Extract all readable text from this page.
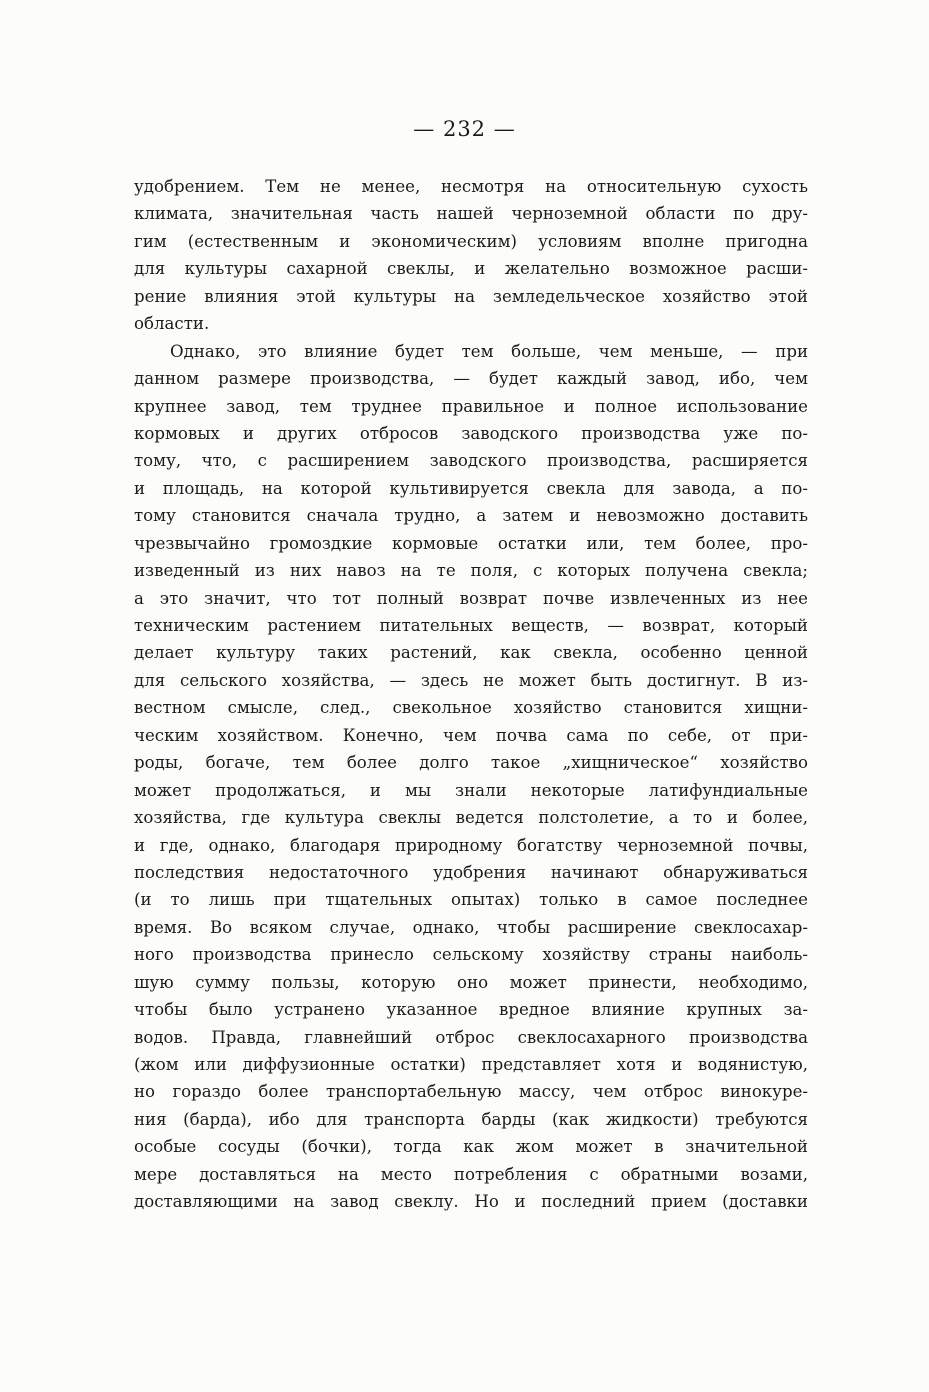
— 232 —
удобрением. Тем не менее, несмотря на относительную сухость
климата, значительная часть нашей черноземной области по дру-
гим (естественным и экономическим) условиям вполне пригодна
для культуры сахарной свеклы, и желательно возможное расши-
рение влияния этой культуры на земледельческое хозяйство этой
области.
Однако, это влияние будет тем больше, чем меньше, — при
данном размере производства, — будет каждый завод, ибо, чем
крупнее завод, тем труднее правильное и полное использование
кормовых и других отбросов заводского производства уже по-
тому, что, с расширением заводского производства, расширяется
и площадь, на которой культивируется свекла для завода, а по-
тому становится сначала трудно, а затем и невозможно доставить
чрезвычайно громоздкие кормовые остатки или, тем более, про-
изведенный из них навоз на те поля, с которых получена свекла;
а это значит, что тот полный возврат почве извлеченных из нее
техническим растением питательных веществ, — возврат, который
делает культуру таких растений, как свекла, особенно ценной
для сельского хозяйства, — здесь не может быть достигнут. В из-
вестном смысле, след., свекольное хозяйство становится хищни-
ческим хозяйством. Конечно, чем почва сама по себе, от при-
роды, богаче, тем более долго такое „хищническое“ хозяйство
может продолжаться, и мы знали некоторые латифундиальные
хозяйства, где культура свеклы ведется полстолетие, а то и более,
и где, однако, благодаря природному богатству черноземной почвы,
последствия недостаточного удобрения начинают обнаруживаться
(и то лишь при тщательных опытах) только в самое последнее
время. Во всяком случае, однако, чтобы расширение свеклосахар-
ного производства принесло сельскому хозяйству страны наиболь-
шую сумму пользы, которую оно может принести, необходимо,
чтобы было устранено указанное вредное влияние крупных за-
водов. Правда, главнейший отброс свеклосахарного производства
(жом или диффузионные остатки) представляет хотя и водянистую,
но гораздо более транспортабельную массу, чем отброс винокуре-
ния (барда), ибо для транспорта барды (как жидкости) требуются
особые сосуды (бочки), тогда как жом может в значительной
мере доставляться на место потребления с обратными возами,
доставляющими на завод свеклу. Но и последний прием (доставки
